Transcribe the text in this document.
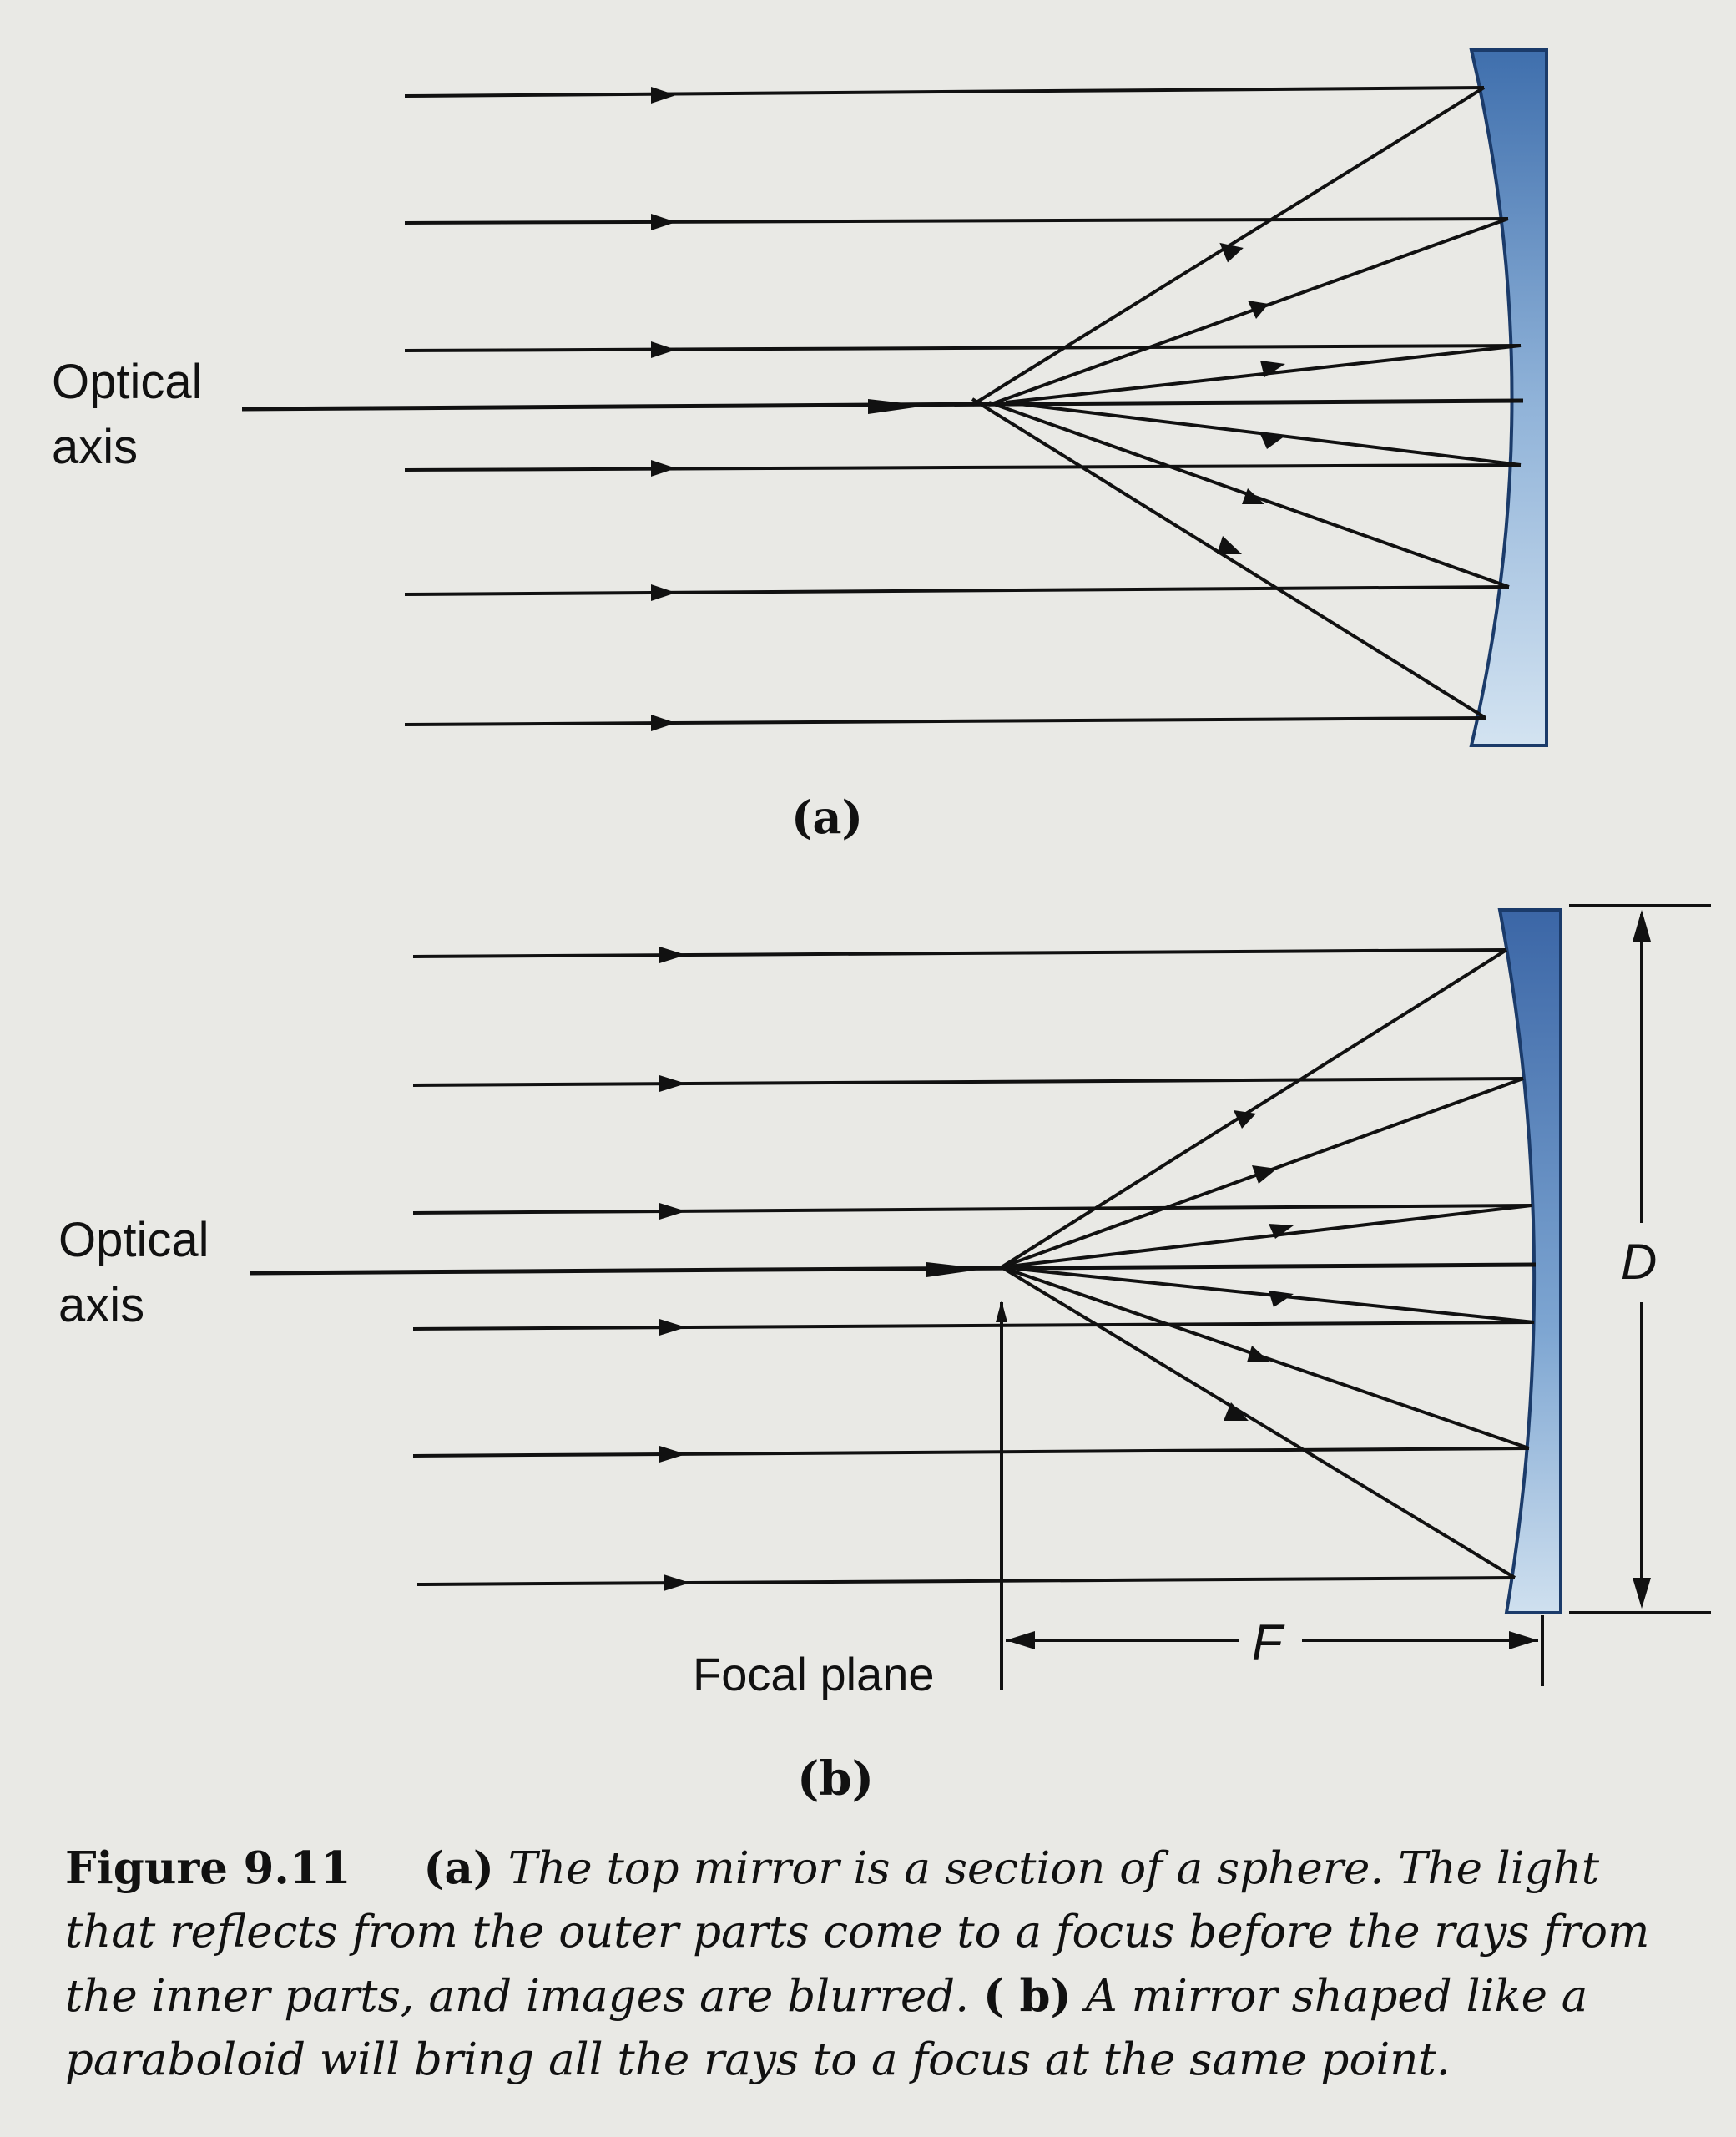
Optical
axis
(a)
D
F
Focal plane
Optical
axis
(b)
Figure 9.11 (a) The top mirror is a section of a sphere. The light that reflects from the outer parts come to a focus before the rays from the inner parts, and images are blurred. ( b) A mirror shaped like a paraboloid will bring all the rays to a focus at the same point.
